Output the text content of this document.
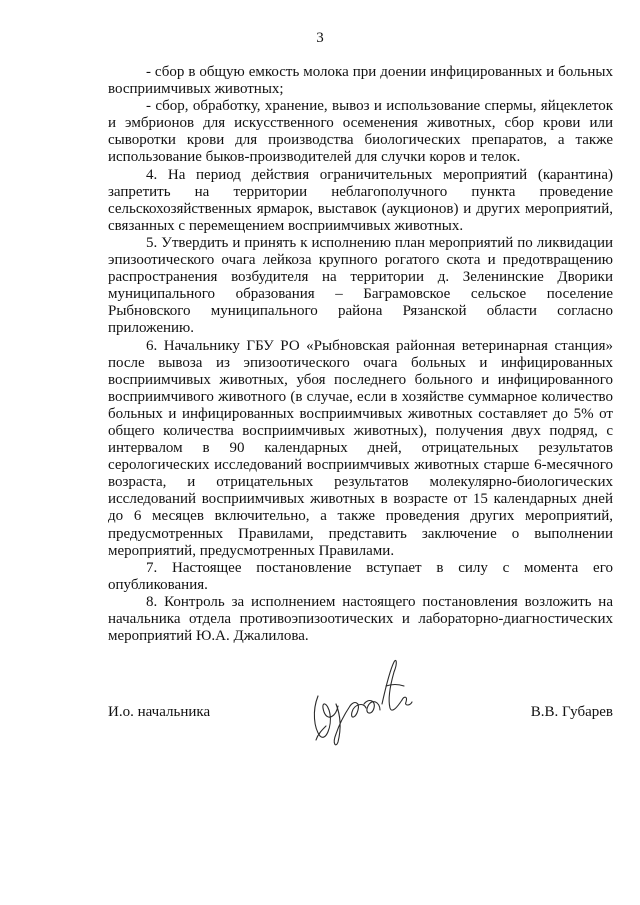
3

- сбор в общую емкость молока при доении инфицированных и больных восприимчивых животных;

- сбор, обработку, хранение, вывоз и использование спермы, яйцеклеток и эмбрионов для искусственного осеменения животных, сбор крови или сыворотки крови для производства биологических препаратов, а также использование быков-производителей для случки коров и телок.

4. На период действия ограничительных мероприятий (карантина) запретить на территории неблагополучного пункта проведение сельскохозяйственных ярмарок, выставок (аукционов) и других мероприятий, связанных с перемещением восприимчивых животных.

5. Утвердить и принять к исполнению план мероприятий по ликвидации эпизоотического очага лейкоза крупного рогатого скота и предотвращению распространения возбудителя на территории д. Зеленинские Дворики муниципального образования – Баграмовское сельское поселение Рыбновского муниципального района Рязанской области согласно приложению.

6. Начальнику ГБУ РО «Рыбновская районная ветеринарная станция» после вывоза из эпизоотического очага больных и инфицированных восприимчивых животных, убоя последнего больного и инфицированного восприимчивого животного (в случае, если в хозяйстве суммарное количество больных и инфицированных восприимчивых животных составляет до 5% от общего количества восприимчивых животных), получения двух подряд, с интервалом в 90 календарных дней, отрицательных результатов серологических исследований восприимчивых животных старше 6-месячного возраста, и отрицательных результатов молекулярно-биологических исследований восприимчивых животных в возрасте от 15 календарных дней до 6 месяцев включительно, а также проведения других мероприятий, предусмотренных Правилами, представить заключение о выполнении мероприятий, предусмотренных Правилами.

7. Настоящее постановление вступает в силу с момента его опубликования.

8. Контроль за исполнением настоящего постановления возложить на начальника отдела противоэпизоотических и лабораторно-диагностических мероприятий Ю.А. Джалилова.

И.о. начальника	В.В. Губарев
